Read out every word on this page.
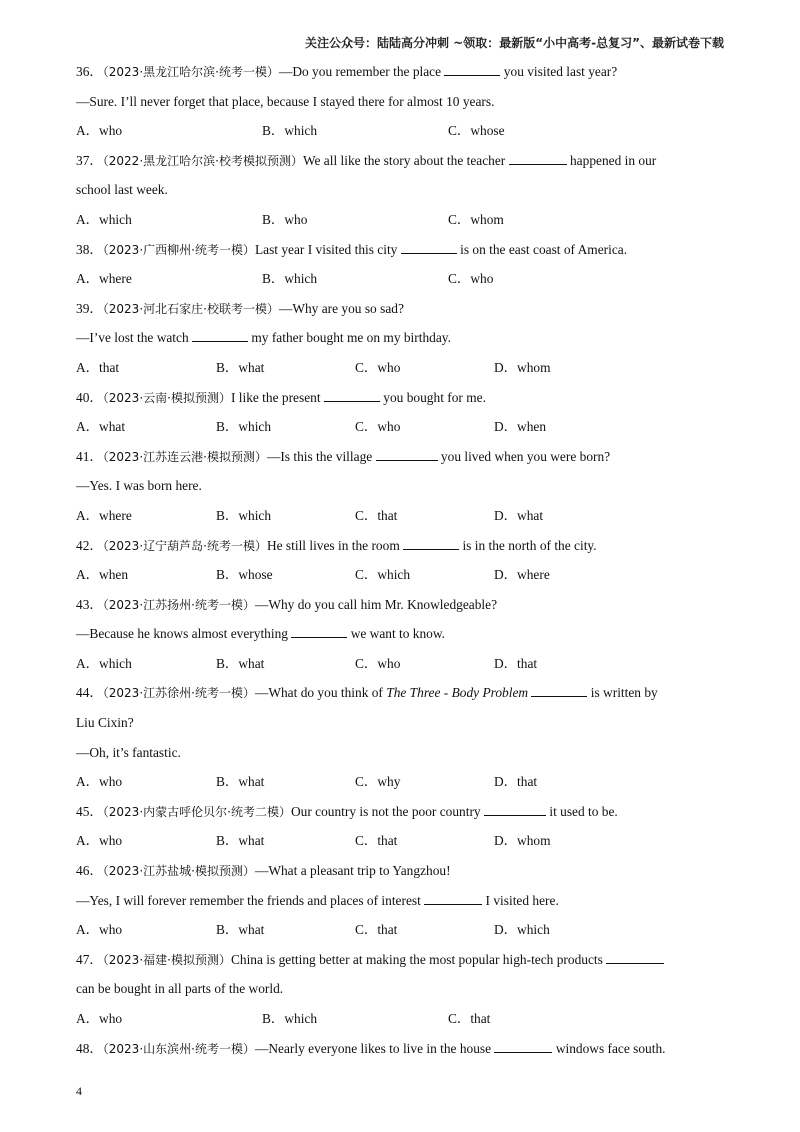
关注公众号：陆陆高分冲刺 ~领取：最新版“小中高考-总复习”、最新试卷下载
36．（2023·黑龙江哈尔滨·统考一模）—Do you remember the place	you visited last year?
—Sure. I’ll never forget that place, because I stayed there for almost 10 years.
A．who	B．which	C．whose
37．（2022·黑龙江哈尔滨·校考模拟预测）We all like the story about the teacher	happened in our
school last week.
A．which	B．who	C．whom
38．（2023·广西柳州·统考一模）Last year I visited this city	is on the east coast of America.
A．where	B．which	C．who
39．（2023·河北石家庄·校联考一模）—Why are you so sad?
—I’ve lost the watch	my father bought me on my birthday.
A．that	B．what	C．who	D．whom
40．（2023·云南·模拟预测）I like the present	you bought for me.
A．what	B．which	C．who	D．when
41．（2023·江苏连云港·模拟预测）—Is this the village	you lived when you were born?
—Yes. I was born here.
A．where	B．which	C．that	D．what
42．（2023·辽宁葫芦岛·统考一模）He still lives in the room	is in the north of the city.
A．when	B．whose	C．which	D．where
43．（2023·江苏扬州·统考一模）—Why do you call him Mr. Knowledgeable?
—Because he knows almost everything	we want to know.
A．which	B．what	C．who	D．that
44．（2023·江苏徐州·统考一模）—What do you think of The Three - Body Problem	is written by
Liu Cixin?
—Oh, it’s fantastic.
A．who	B．what	C．why	D．that
45．（2023·内蒙古呼伦贝尔·统考二模）Our country is not the poor country	it used to be.
A．who	B．what	C．that	D．whom
46．（2023·江苏盐城·模拟预测）—What a pleasant trip to Yangzhou!
—Yes, I will forever remember the friends and places of interest	I visited here.
A．who	B．what	C．that	D．which
47．（2023·福建·模拟预测）China is getting better at making the most popular high-tech products
can be bought in all parts of the world.
A．who	B．which	C．that
48．（2023·山东滨州·统考一模）—Nearly everyone likes to live in the house	windows face south.
4
